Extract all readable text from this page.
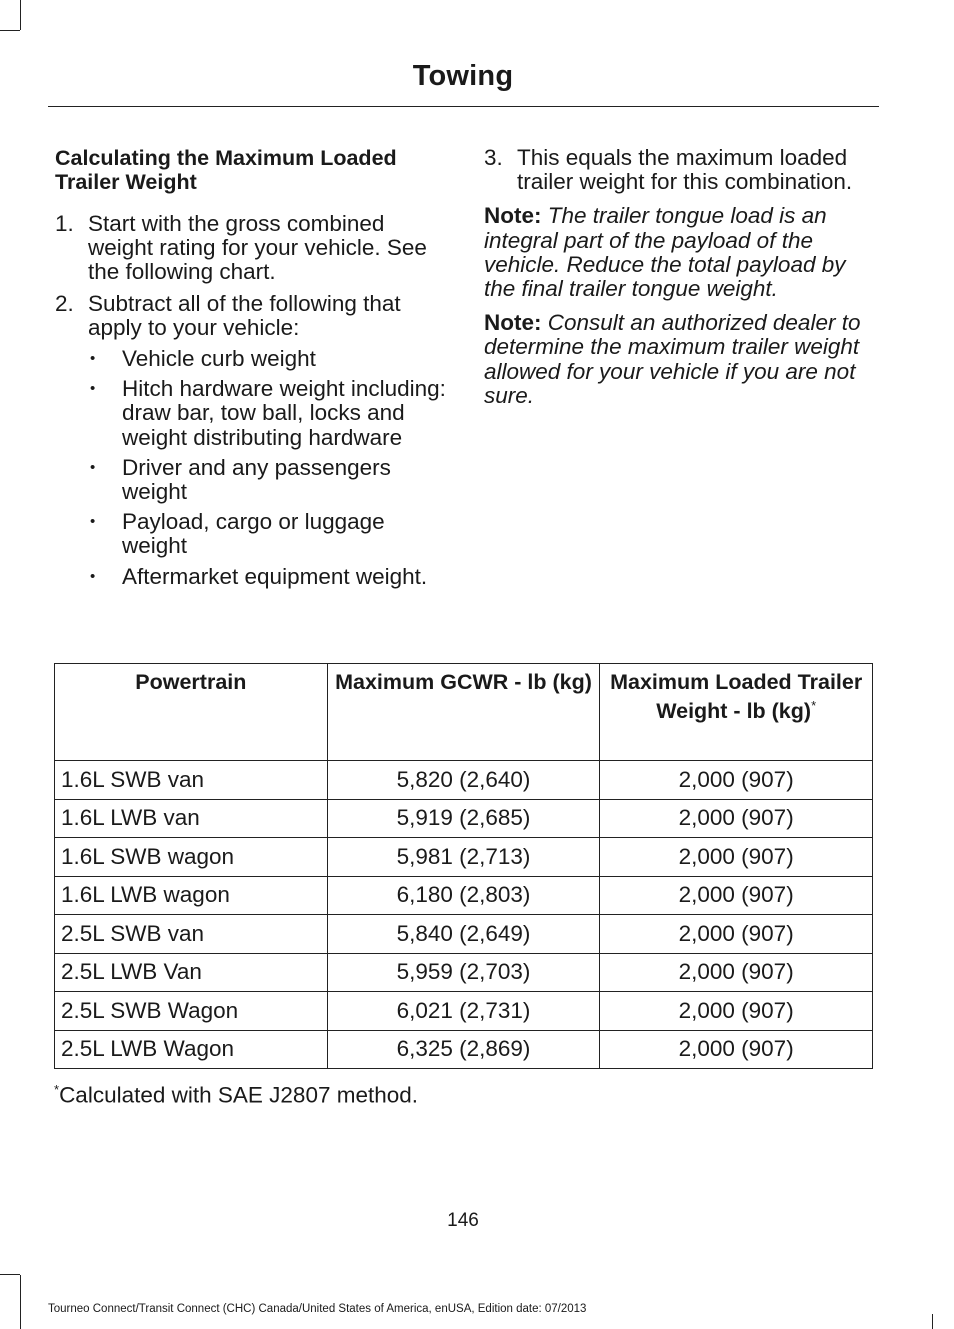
Towing
Calculating the Maximum Loaded Trailer Weight
1. Start with the gross combined weight rating for your vehicle. See the following chart.
2. Subtract all of the following that apply to your vehicle:
• Vehicle curb weight
• Hitch hardware weight including: draw bar, tow ball, locks and weight distributing hardware
• Driver and any passengers weight
• Payload, cargo or luggage weight
• Aftermarket equipment weight.
3. This equals the maximum loaded trailer weight for this combination.

Note: The trailer tongue load is an integral part of the payload of the vehicle. Reduce the total payload by the final trailer tongue weight.

Note: Consult an authorized dealer to determine the maximum trailer weight allowed for your vehicle if you are not sure.

Powertrain	Maximum GCWR - lb (kg)	Maximum Loaded Trailer Weight - lb (kg)*
1.6L SWB van	5,820 (2,640)	2,000 (907)
1.6L LWB van	5,919 (2,685)	2,000 (907)
1.6L SWB wagon	5,981 (2,713)	2,000 (907)
1.6L LWB wagon	6,180 (2,803)	2,000 (907)
2.5L SWB van	5,840 (2,649)	2,000 (907)
2.5L LWB Van	5,959 (2,703)	2,000 (907)
2.5L SWB Wagon	6,021 (2,731)	2,000 (907)
2.5L LWB Wagon	6,325 (2,869)	2,000 (907)
*Calculated with SAE J2807 method.
146
Tourneo Connect/Transit Connect (CHC) Canada/United States of America, enUSA, Edition date: 07/2013
